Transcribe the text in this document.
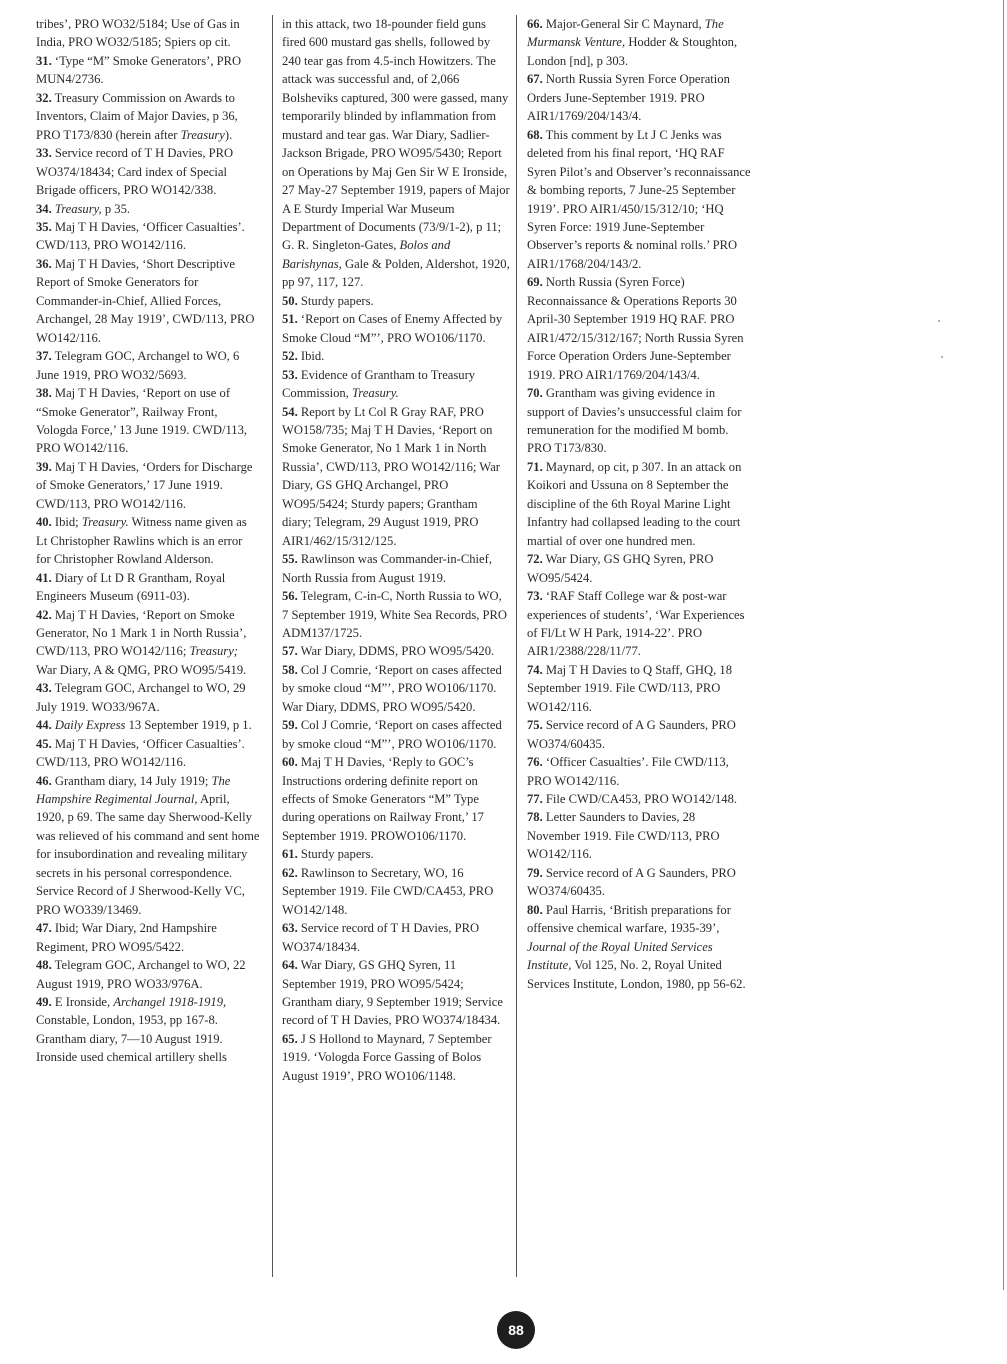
tribes’, PRO WO32/5184; Use of Gas in India, PRO WO32/5185; Spiers op cit.

31. ‘Type “M” Smoke Generators’, PRO MUN4/2736.

32. Treasury Commission on Awards to Inventors, Claim of Major Davies, p 36, PRO T173/830 (herein after Treasury).

33. Service record of T H Davies, PRO WO374/18434; Card index of Special Brigade officers, PRO WO142/338.

34. Treasury, p 35.

35. Maj T H Davies, ‘Officer Casualties’. CWD/113, PRO WO142/116.

36. Maj T H Davies, ‘Short Descriptive Report of Smoke Generators for Commander-in-Chief, Allied Forces, Archangel, 28 May 1919’, CWD/113, PRO WO142/116.

37. Telegram GOC, Archangel to WO, 6 June 1919, PRO WO32/5693.

38. Maj T H Davies, ‘Report on use of “Smoke Generator”, Railway Front, Vologda Force,’ 13 June 1919. CWD/113, PRO WO142/116.

39. Maj T H Davies, ‘Orders for Discharge of Smoke Generators,’ 17 June 1919. CWD/113, PRO WO142/116.

40. Ibid; Treasury. Witness name given as Lt Christopher Rawlins which is an error for Christopher Rowland Alderson.

41. Diary of Lt D R Grantham, Royal Engineers Museum (6911-03).

42. Maj T H Davies, ‘Report on Smoke Generator, No 1 Mark 1 in North Russia’, CWD/113, PRO WO142/116; Treasury; War Diary, A & QMG, PRO WO95/5419.

43. Telegram GOC, Archangel to WO, 29 July 1919. WO33/967A.

44. Daily Express 13 September 1919, p 1.

45. Maj T H Davies, ‘Officer Casualties’. CWD/113, PRO WO142/116.

46. Grantham diary, 14 July 1919; The Hampshire Regimental Journal, April, 1920, p 69. The same day Sherwood-Kelly was relieved of his command and sent home for insubordination and revealing military secrets in his personal correspondence. Service Record of J Sherwood-Kelly VC, PRO WO339/13469.

47. Ibid; War Diary, 2nd Hampshire Regiment, PRO WO95/5422.

48. Telegram GOC, Archangel to WO, 22 August 1919, PRO WO33/976A.

49. E Ironside, Archangel 1918-1919, Constable, London, 1953, pp 167-8. Grantham diary, 7—10 August 1919. Ironside used chemical artillery shells

in this attack, two 18-pounder field guns fired 600 mustard gas shells, followed by 240 tear gas from 4.5-inch Howitzers. The attack was successful and, of 2,066 Bolsheviks captured, 300 were gassed, many temporarily blinded by inflammation from mustard and tear gas. War Diary, Sadlier-Jackson Brigade, PRO WO95/5430; Report on Operations by Maj Gen Sir W E Ironside, 27 May-27 September 1919, papers of Major A E Sturdy Imperial War Museum Department of Documents (73/9/1-2), p 11; G. R. Singleton-Gates, Bolos and Barishynas, Gale & Polden, Aldershot, 1920, pp 97, 117, 127.

50. Sturdy papers.

51. ‘Report on Cases of Enemy Affected by Smoke Cloud “M”’, PRO WO106/1170.

52. Ibid.

53. Evidence of Grantham to Treasury Commission, Treasury.

54. Report by Lt Col R Gray RAF, PRO WO158/735; Maj T H Davies, ‘Report on Smoke Generator, No 1 Mark 1 in North Russia’, CWD/113, PRO WO142/116; War Diary, GS GHQ Archangel, PRO WO95/5424; Sturdy papers; Grantham diary; Telegram, 29 August 1919, PRO AIR1/462/15/312/125.

55. Rawlinson was Commander-in-Chief, North Russia from August 1919.

56. Telegram, C-in-C, North Russia to WO, 7 September 1919, White Sea Records, PRO ADM137/1725.

57. War Diary, DDMS, PRO WO95/5420.

58. Col J Comrie, ‘Report on cases affected by smoke cloud “M”’, PRO WO106/1170. War Diary, DDMS, PRO WO95/5420.

59. Col J Comrie, ‘Report on cases affected by smoke cloud “M”’, PRO WO106/1170.

60. Maj T H Davies, ‘Reply to GOC’s Instructions ordering definite report on effects of Smoke Generators “M” Type during operations on Railway Front,’ 17 September 1919. PROWO106/1170.

61. Sturdy papers.

62. Rawlinson to Secretary, WO, 16 September 1919. File CWD/CA453, PRO WO142/148.

63. Service record of T H Davies, PRO WO374/18434.

64. War Diary, GS GHQ Syren, 11 September 1919, PRO WO95/5424; Grantham diary, 9 September 1919; Service record of T H Davies, PRO WO374/18434.

65. J S Hollond to Maynard, 7 September 1919. ‘Vologda Force Gassing of Bolos August 1919’, PRO WO106/1148.

66. Major-General Sir C Maynard, The Murmansk Venture, Hodder & Stoughton, London [nd], p 303.

67. North Russia Syren Force Operation Orders June-September 1919. PRO AIR1/1769/204/143/4.

68. This comment by Lt J C Jenks was deleted from his final report, ‘HQ RAF Syren Pilot’s and Observer’s reconnaissance & bombing reports, 7 June-25 September 1919’. PRO AIR1/450/15/312/10; ‘HQ Syren Force: 1919 June-September Observer’s reports & nominal rolls.’ PRO AIR1/1768/204/143/2.

69. North Russia (Syren Force) Reconnaissance & Operations Reports 30 April-30 September 1919 HQ RAF. PRO AIR1/472/15/312/167; North Russia Syren Force Operation Orders June-September 1919. PRO AIR1/1769/204/143/4.

70. Grantham was giving evidence in support of Davies’s unsuccessful claim for remuneration for the modified M bomb. PRO T173/830.

71. Maynard, op cit, p 307. In an attack on Koikori and Ussuna on 8 September the discipline of the 6th Royal Marine Light Infantry had collapsed leading to the court martial of over one hundred men.

72. War Diary, GS GHQ Syren, PRO WO95/5424.

73. ‘RAF Staff College war & post-war experiences of students’, ‘War Experiences of Fl/Lt W H Park, 1914-22’. PRO AIR1/2388/228/11/77.

74. Maj T H Davies to Q Staff, GHQ, 18 September 1919. File CWD/113, PRO WO142/116.

75. Service record of A G Saunders, PRO WO374/60435.

76. ‘Officer Casualties’. File CWD/113, PRO WO142/116.

77. File CWD/CA453, PRO WO142/148.

78. Letter Saunders to Davies, 28 November 1919. File CWD/113, PRO WO142/116.

79. Service record of A G Saunders, PRO WO374/60435.

80. Paul Harris, ‘British preparations for offensive chemical warfare, 1935-39’, Journal of the Royal United Services Institute, Vol 125, No. 2, Royal United Services Institute, London, 1980, pp 56-62.

88
